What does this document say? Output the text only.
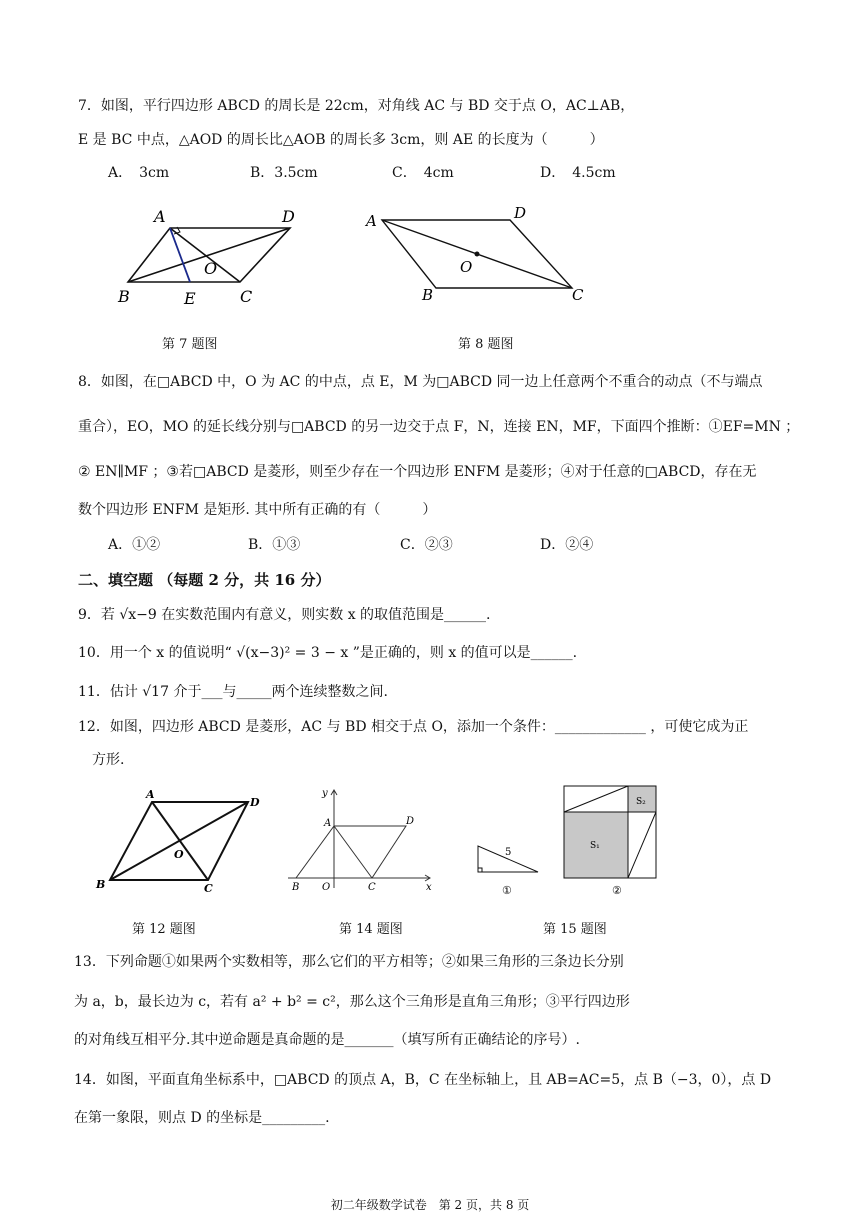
7．如图，平行四边形 ABCD 的周长是 22cm，对角线 AC 与 BD 交于点 O，AC⊥AB，
E 是 BC 中点，△AOD 的周长比△AOB 的周长多 3cm，则 AE 的长度为（　　　）
A．　3cm	B．3.5cm	C．　4cm	D．　4.5cm
A	D
B	E	C
O
A	D
B	C
O
第 7 题图	第 8 题图
8．如图，在□ABCD 中，O 为 AC 的中点，点 E，M 为□ABCD 同一边上任意两个不重合的动点（不与端点
重合），EO，MO 的延长线分别与□ABCD 的另一边交于点 F，N，连接 EN，MF，下面四个推断：①EF=MN ；
② EN∥MF ；③若□ABCD 是菱形，则至少存在一个四边形 ENFM 是菱形；④对于任意的□ABCD，存在无
数个四边形 ENFM 是矩形. 其中所有正确的有（　　　）
A．①②	B．①③	C．②③	D．②④
二、填空题 （每题 2 分，共 16 分）
9．若 √x−9 在实数范围内有意义，则实数 x 的取值范围是______.
10．用一个 x 的值说明“ √(x−3)² = 3 − x ”是正确的，则 x 的值可以是______.
11．估计 √17 介于___与_____两个连续整数之间.
12．如图，四边形 ABCD 是菱形，AC 与 BD 相交于点 O，添加一个条件：_____________ ，可使它成为正
方形.
A
D
B	C
O
y
x
A	D
B O	C
5
①
S₁
S₂
②
第 12 题图	第 14 题图	第 15 题图
13．下列命题①如果两个实数相等，那么它们的平方相等；②如果三角形的三条边长分别
为 a，b，最长边为 c，若有 a² + b² = c²，那么这个三角形是直角三角形；③平行四边形
的对角线互相平分.其中逆命题是真命题的是_______（填写所有正确结论的序号）.
14．如图，平面直角坐标系中，□ABCD 的顶点 A，B，C 在坐标轴上，且 AB=AC=5，点 B（−3，0），点 D
在第一象限，则点 D 的坐标是_________.
初二年级数学试卷　第 2 页，共 8 页
